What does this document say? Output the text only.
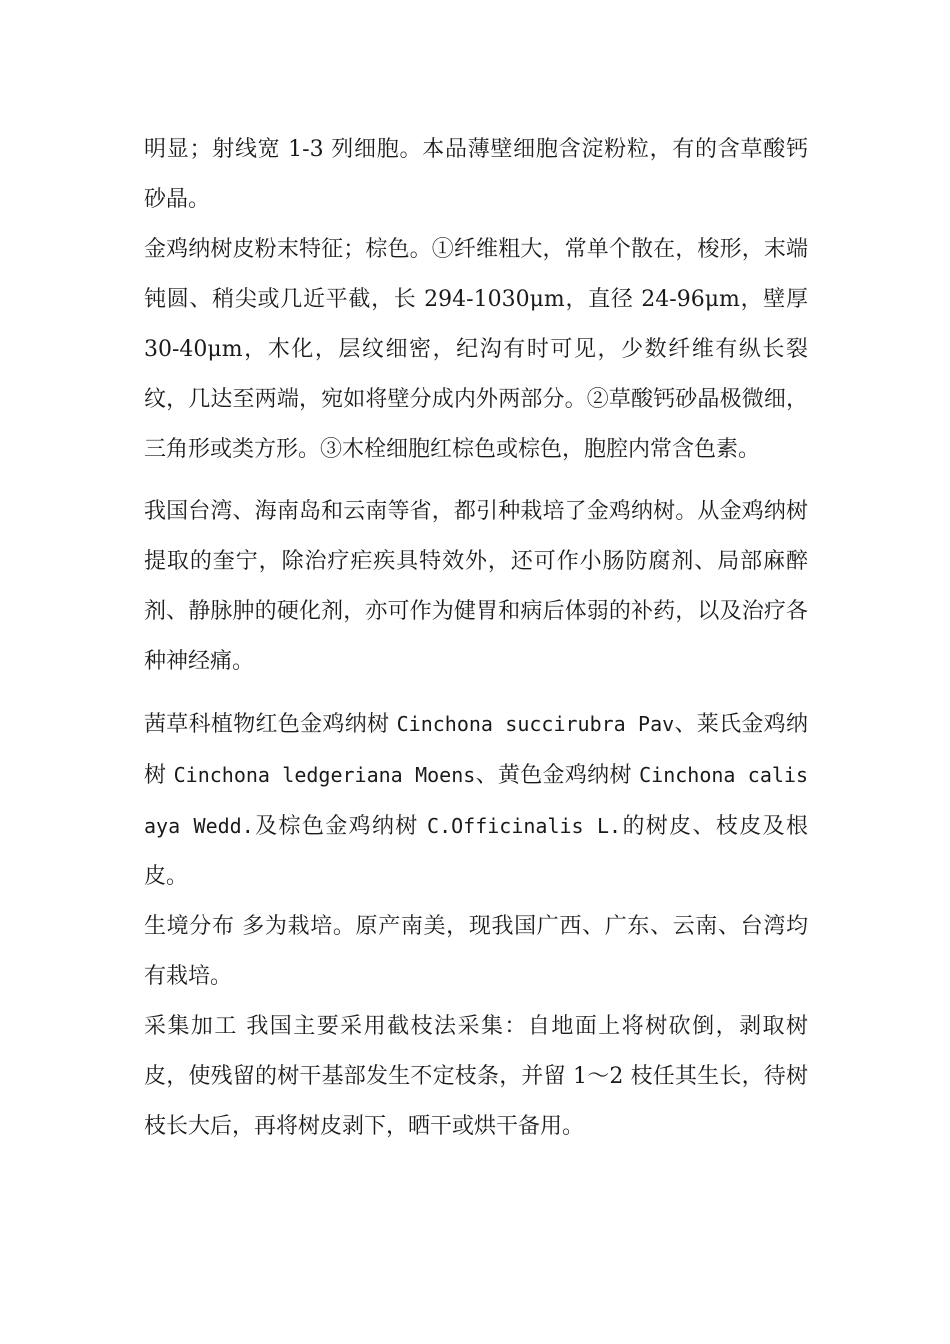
明显；射线宽 1-3 列细胞。本品薄壁细胞含淀粉粒，有的含草酸钙砂晶。

金鸡纳树皮粉末特征；棕色。①纤维粗大，常单个散在，梭形，末端钝圆、稍尖或几近平截，长 294-1030μm，直径 24-96μm，壁厚 30-40μm，木化，层纹细密，纪沟有时可见，少数纤维有纵长裂纹，几达至两端，宛如将壁分成内外两部分。②草酸钙砂晶极微细，三角形或类方形。③木栓细胞红棕色或棕色，胞腔内常含色素。

我国台湾、海南岛和云南等省，都引种栽培了金鸡纳树。从金鸡纳树提取的奎宁，除治疗疟疾具特效外，还可作小肠防腐剂、局部麻醉剂、静脉肿的硬化剂，亦可作为健胃和病后体弱的补药，以及治疗各种神经痛。

茜草科植物红色金鸡纳树 Cinchona succirubra Pav、莱氏金鸡纳树 Cinchona ledgeriana Moens、黄色金鸡纳树 Cinchona calisaya Wedd.及棕色金鸡纳树 C.Officinalis L.的树皮、枝皮及根皮。

生境分布 多为栽培。原产南美，现我国广西、广东、云南、台湾均有栽培。

采集加工 我国主要采用截枝法采集：自地面上将树砍倒，剥取树皮，使残留的树干基部发生不定枝条，并留 1～2 枝任其生长，待树枝长大后，再将树皮剥下，晒干或烘干备用。
